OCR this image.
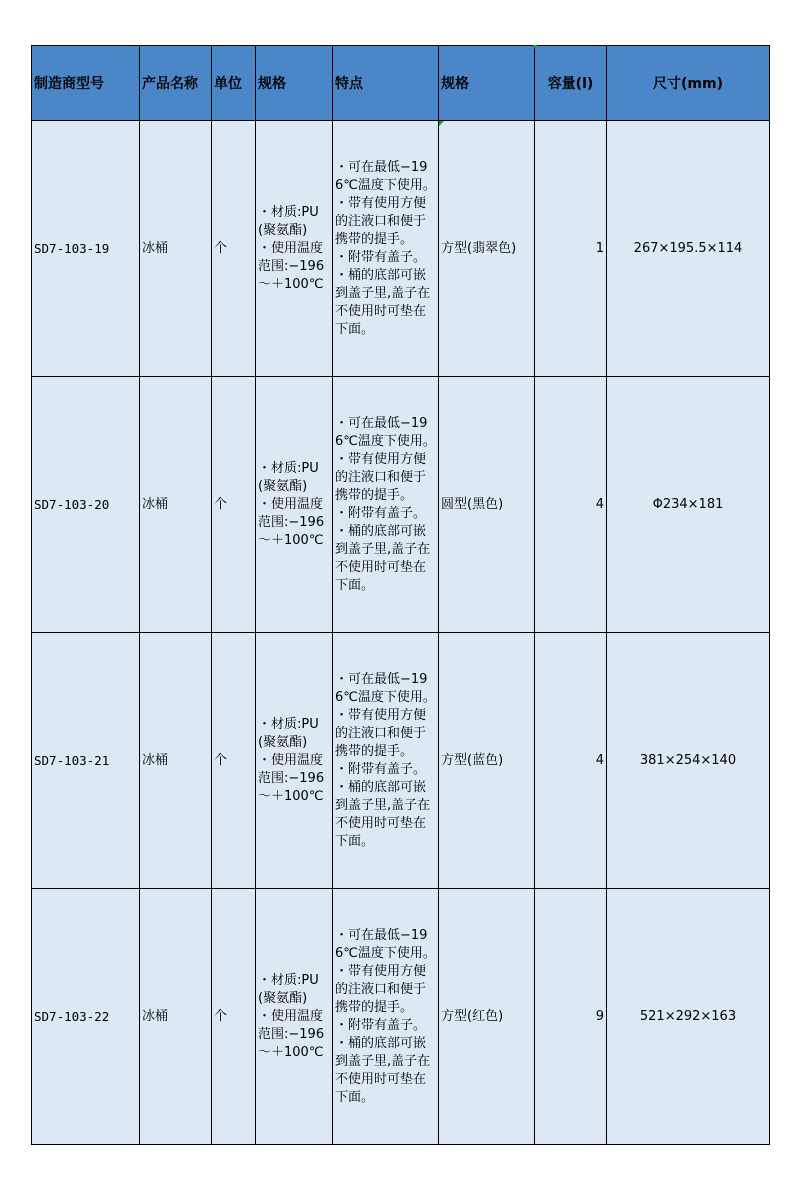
制造商型号	产品名称	单位	规格	特点	规格	容量(l)	尺寸(mm)
SD7-103-19	冰桶	个	・材质:PU(聚氨酯)
・使用温度范围:−196～＋100℃	・可在最低−196℃温度下使用。
・带有使用方便的注液口和便于携带的提手。
・附带有盖子。
・桶的底部可嵌到盖子里,盖子在不使用时可垫在下面。	方型(翡翠色)	1	267×195.5×114
SD7-103-20	冰桶	个	・材质:PU(聚氨酯)
・使用温度范围:−196～＋100℃	・可在最低−196℃温度下使用。
・带有使用方便的注液口和便于携带的提手。
・附带有盖子。
・桶的底部可嵌到盖子里,盖子在不使用时可垫在下面。	圆型(黑色)	4	Φ234×181
SD7-103-21	冰桶	个	・材质:PU(聚氨酯)
・使用温度范围:−196～＋100℃	・可在最低−196℃温度下使用。
・带有使用方便的注液口和便于携带的提手。
・附带有盖子。
・桶的底部可嵌到盖子里,盖子在不使用时可垫在下面。	方型(蓝色)	4	381×254×140
SD7-103-22	冰桶	个	・材质:PU(聚氨酯)
・使用温度范围:−196～＋100℃	・可在最低−196℃温度下使用。
・带有使用方便的注液口和便于携带的提手。
・附带有盖子。
・桶的底部可嵌到盖子里,盖子在不使用时可垫在下面。	方型(红色)	9	521×292×163
